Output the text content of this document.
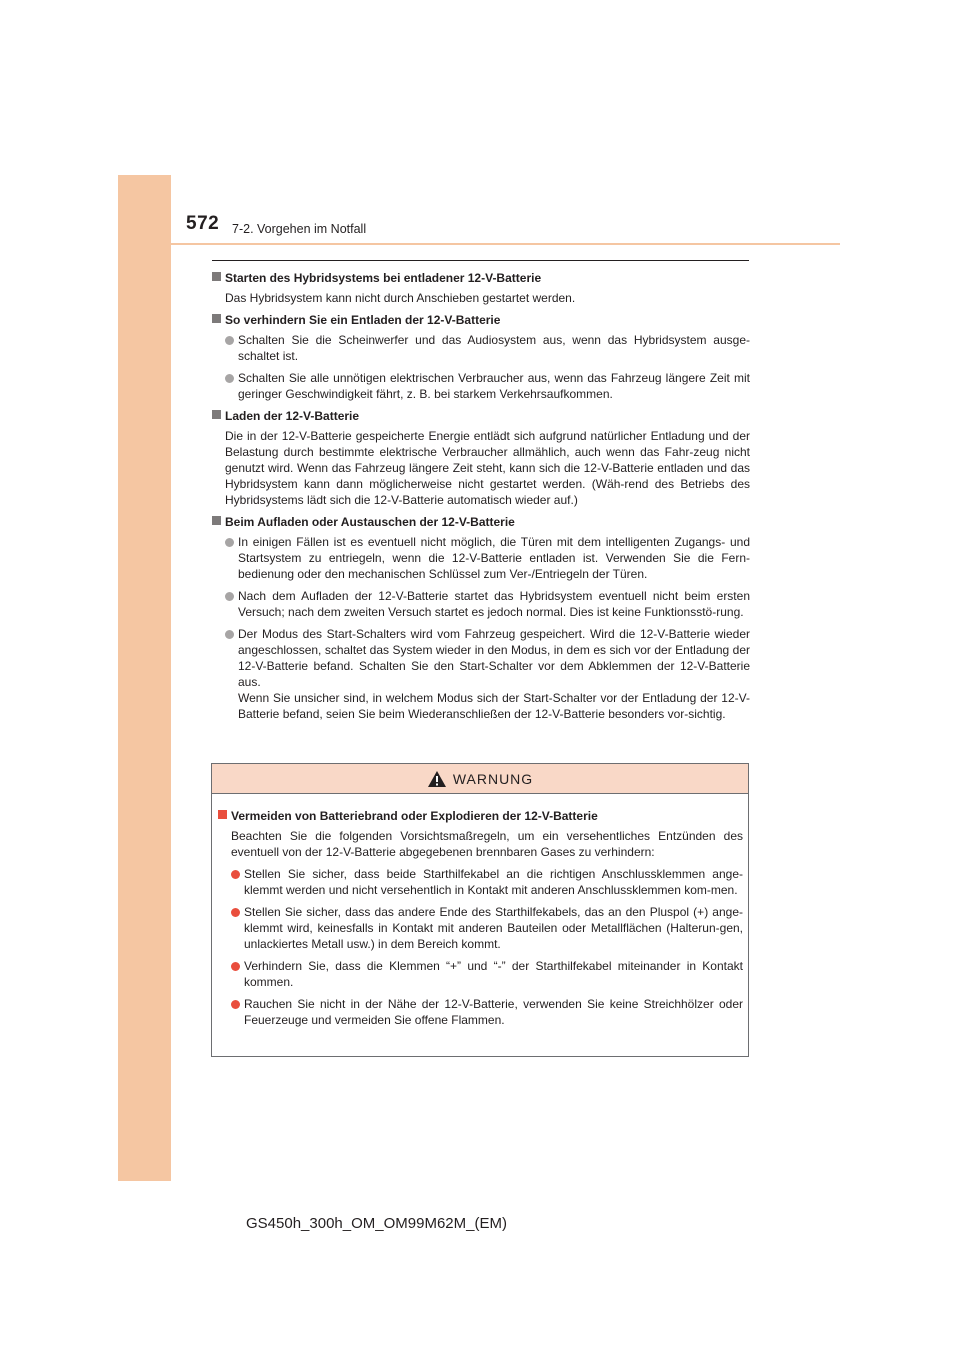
572 7-2. Vorgehen im Notfall
Starten des Hybridsystems bei entladener 12-V-Batterie
Das Hybridsystem kann nicht durch Anschieben gestartet werden.
So verhindern Sie ein Entladen der 12-V-Batterie
Schalten Sie die Scheinwerfer und das Audiosystem aus, wenn das Hybridsystem ausge-schaltet ist.
Schalten Sie alle unnötigen elektrischen Verbraucher aus, wenn das Fahrzeug längere Zeit mit geringer Geschwindigkeit fährt, z. B. bei starkem Verkehrsaufkommen.
Laden der 12-V-Batterie
Die in der 12-V-Batterie gespeicherte Energie entlädt sich aufgrund natürlicher Entladung und der Belastung durch bestimmte elektrische Verbraucher allmählich, auch wenn das Fahr-zeug nicht genutzt wird. Wenn das Fahrzeug längere Zeit steht, kann sich die 12-V-Batterie entladen und das Hybridsystem kann dann möglicherweise nicht gestartet werden. (Wäh-rend des Betriebs des Hybridsystems lädt sich die 12-V-Batterie automatisch wieder auf.)
Beim Aufladen oder Austauschen der 12-V-Batterie
In einigen Fällen ist es eventuell nicht möglich, die Türen mit dem intelligenten Zugangs- und Startsystem zu entriegeln, wenn die 12-V-Batterie entladen ist. Verwenden Sie die Fern-bedienung oder den mechanischen Schlüssel zum Ver-/Entriegeln der Türen.
Nach dem Aufladen der 12-V-Batterie startet das Hybridsystem eventuell nicht beim ersten Versuch; nach dem zweiten Versuch startet es jedoch normal. Dies ist keine Funktionsstö-rung.
Der Modus des Start-Schalters wird vom Fahrzeug gespeichert. Wird die 12-V-Batterie wieder angeschlossen, schaltet das System wieder in den Modus, in dem es sich vor der Entladung der 12-V-Batterie befand. Schalten Sie den Start-Schalter vor dem Abklemmen der 12-V-Batterie aus.
Wenn Sie unsicher sind, in welchem Modus sich der Start-Schalter vor der Entladung der 12-V-Batterie befand, seien Sie beim Wiederanschließen der 12-V-Batterie besonders vor-sichtig.
WARNUNG
Vermeiden von Batteriebrand oder Explodieren der 12-V-Batterie
Beachten Sie die folgenden Vorsichtsmaßregeln, um ein versehentliches Entzünden des eventuell von der 12-V-Batterie abgegebenen brennbaren Gases zu verhindern:
Stellen Sie sicher, dass beide Starthilfekabel an die richtigen Anschlussklemmen ange-klemmt werden und nicht versehentlich in Kontakt mit anderen Anschlussklemmen kom-men.
Stellen Sie sicher, dass das andere Ende des Starthilfekabels, das an den Pluspol (+) ange-klemmt wird, keinesfalls in Kontakt mit anderen Bauteilen oder Metallflächen (Halterun-gen, unlackiertes Metall usw.) in dem Bereich kommt.
Verhindern Sie, dass die Klemmen “+” und “-” der Starthilfekabel miteinander in Kontakt kommen.
Rauchen Sie nicht in der Nähe der 12-V-Batterie, verwenden Sie keine Streichhölzer oder Feuerzeuge und vermeiden Sie offene Flammen.
GS450h_300h_OM_OM99M62M_(EM)
